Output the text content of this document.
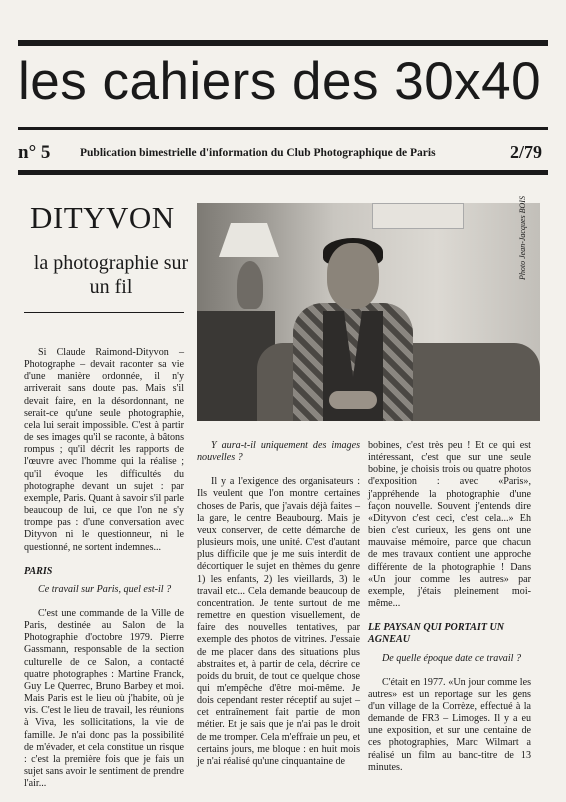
les cahiers des 30x40
n° 5	Publication bimestrielle d'information du Club Photographique de Paris	2/79
DITYVON
la photographie sur un fil
Photo Jean-Jacques BOIS

Si Claude Raimond-Dityvon – Photographe – devait raconter sa vie d'une manière ordonnée, il n'y arriverait sans doute pas. Mais s'il devait faire, en la désordonnant, ne serait-ce qu'une seule photographie, cela lui serait impossible. C'est à partir de ses images qu'il se raconte, à bâtons rompus ; qu'il décrit les rapports de l'œuvre avec l'homme qui la réalise ; qu'il évoque les difficultés du photographe devant un sujet : par exemple, Paris. Quant à savoir s'il parle beaucoup de lui, ce que l'on ne s'y trompe pas : d'une conversation avec Dityvon ni le questionneur, ni le questionné, ne sortent indemnes...

PARIS

Ce travail sur Paris, quel est-il ?

C'est une commande de la Ville de Paris, destinée au Salon de la Photographie d'octobre 1979. Pierre Gassmann, responsable de la section culturelle de ce Salon, a contacté quatre photographes : Martine Franck, Guy Le Querrec, Bruno Barbey et moi. Mais Paris est le lieu où j'habite, où je vis. C'est le lieu de travail, les réunions à Viva, les sollicitations, la vie de famille. Je n'ai donc pas la possibilité de m'évader, et cela constitue un risque : c'est la première fois que je fais un sujet sans avoir le sentiment de prendre l'air...

Y aura-t-il uniquement des images nouvelles ?

Il y a l'exigence des organisateurs : Ils veulent que l'on montre certaines choses de Paris, que j'avais déjà faites – la gare, le centre Beaubourg. Mais je veux conserver, de cette démarche de plusieurs mois, une unité. C'est d'autant plus difficile que je me suis interdit de décortiquer le sujet en thèmes du genre 1) les enfants, 2) les vieillards, 3) le travail etc... Cela demande beaucoup de concentration. Je tente surtout de me remettre en question visuellement, de faire des nouvelles tentatives, par exemple des photos de vitrines. J'essaie de me placer dans des situations plus abstraites et, à partir de cela, décrire ce poids du bruit, de tout ce quelque chose qui m'empêche d'être moi-même. Je dois cependant rester réceptif au sujet – cet entraînement fait partie de mon métier. Et je sais que je n'ai pas le droit de me tromper. Cela m'effraie un peu, et certains jours, me bloque : en huit mois je n'ai réalisé qu'une cinquantaine de

bobines, c'est très peu ! Et ce qui est intéressant, c'est que sur une seule bobine, je choisis trois ou quatre photos d'exposition : avec «Paris», j'appréhende la photographie d'une façon nouvelle. Souvent j'entends dire «Dityvon c'est ceci, c'est cela...» Eh bien c'est curieux, les gens ont une mauvaise mémoire, parce que chacun de mes travaux contient une approche différente de la photographie ! Dans «Un jour comme les autres» par exemple, j'étais pleinement moi-même...

LE PAYSAN QUI PORTAIT UN AGNEAU

De quelle époque date ce travail ?

C'était en 1977. «Un jour comme les autres» est un reportage sur les gens d'un village de la Corrèze, effectué à la demande de FR3 – Limoges. Il y a eu une exposition, et sur une centaine de ces photographies, Marc Wilmart a réalisé un film au banc-titre de 13 minutes.
